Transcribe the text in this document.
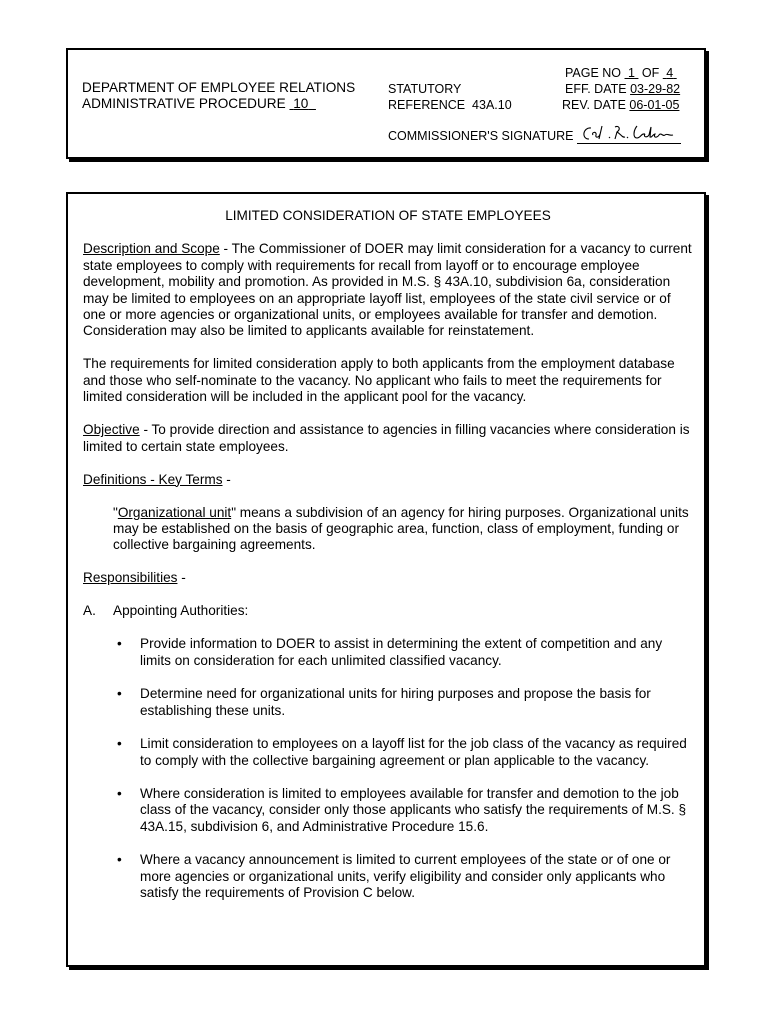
DEPARTMENT OF EMPLOYEE RELATIONS
ADMINISTRATIVE PROCEDURE 10
STATUTORY
REFERENCE 43A.10
PAGE NO 1 OF 4
EFF. DATE 03-29-82
REV. DATE 06-01-05
COMMISSIONER'S SIGNATURE

LIMITED CONSIDERATION OF STATE EMPLOYEES

Description and Scope - The Commissioner of DOER may limit consideration for a vacancy to current state employees to comply with requirements for recall from layoff or to encourage employee development, mobility and promotion. As provided in M.S. § 43A.10, subdivision 6a, consideration may be limited to employees on an appropriate layoff list, employees of the state civil service or of one or more agencies or organizational units, or employees available for transfer and demotion. Consideration may also be limited to applicants available for reinstatement.

The requirements for limited consideration apply to both applicants from the employment database and those who self-nominate to the vacancy. No applicant who fails to meet the requirements for limited consideration will be included in the applicant pool for the vacancy.

Objective - To provide direction and assistance to agencies in filling vacancies where consideration is limited to certain state employees.

Definitions - Key Terms -

"Organizational unit" means a subdivision of an agency for hiring purposes. Organizational units may be established on the basis of geographic area, function, class of employment, funding or collective bargaining agreements.

Responsibilities -

A. Appointing Authorities:

• Provide information to DOER to assist in determining the extent of competition and any limits on consideration for each unlimited classified vacancy.
• Determine need for organizational units for hiring purposes and propose the basis for establishing these units.
• Limit consideration to employees on a layoff list for the job class of the vacancy as required to comply with the collective bargaining agreement or plan applicable to the vacancy.
• Where consideration is limited to employees available for transfer and demotion to the job class of the vacancy, consider only those applicants who satisfy the requirements of M.S. § 43A.15, subdivision 6, and Administrative Procedure 15.6.
• Where a vacancy announcement is limited to current employees of the state or of one or more agencies or organizational units, verify eligibility and consider only applicants who satisfy the requirements of Provision C below.
